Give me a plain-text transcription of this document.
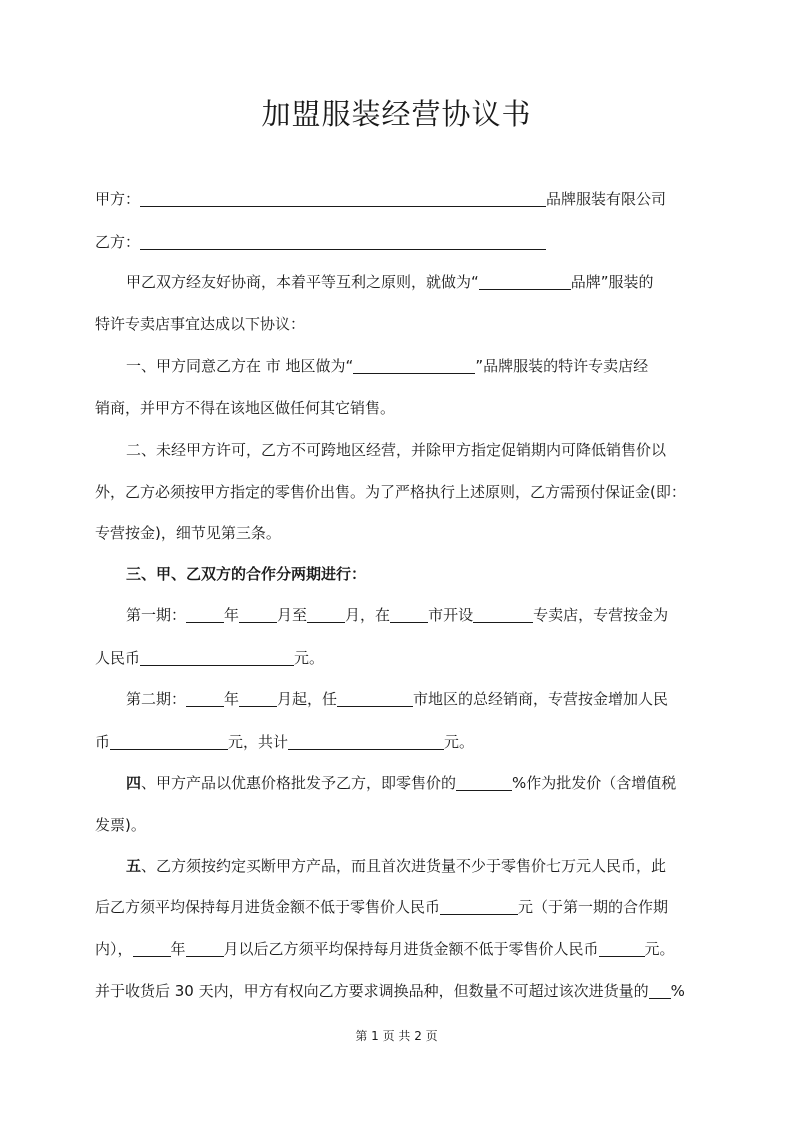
加盟服装经营协议书
甲方：	品牌服装有限公司
乙方：
甲乙双方经友好协商，本着平等互利之原则，就做为“	品牌”服装的
特许专卖店事宜达成以下协议：
一、甲方同意乙方在 市 地区做为“	”品牌服装的特许专卖店经
销商，并甲方不得在该地区做任何其它销售。
二、未经甲方许可，乙方不可跨地区经营，并除甲方指定促销期内可降低销售价以
外，乙方必须按甲方指定的零售价出售。为了严格执行上述原则，乙方需预付保证金(即：
专营按金)，细节见第三条。
三、甲、乙双方的合作分两期进行：
第一期：	年	月至	月，在	市开设	专卖店，专营按金为
人民币	元。
第二期：	年	月起，任	市地区的总经销商，专营按金增加人民
币	元，共计	元。
四、甲方产品以优惠价格批发予乙方，即零售价的	%作为批发价（含增值税
发票)。
五、乙方须按约定买断甲方产品，而且首次进货量不少于零售价七万元人民币，此
后乙方须平均保持每月进货金额不低于零售价人民币	元（于第一期的合作期
内），	年	月以后乙方须平均保持每月进货金额不低于零售价人民币	元。
并于收货后 30 天内，甲方有权向乙方要求调换品种，但数量不可超过该次进货量的 %
第 1 页 共 2 页
